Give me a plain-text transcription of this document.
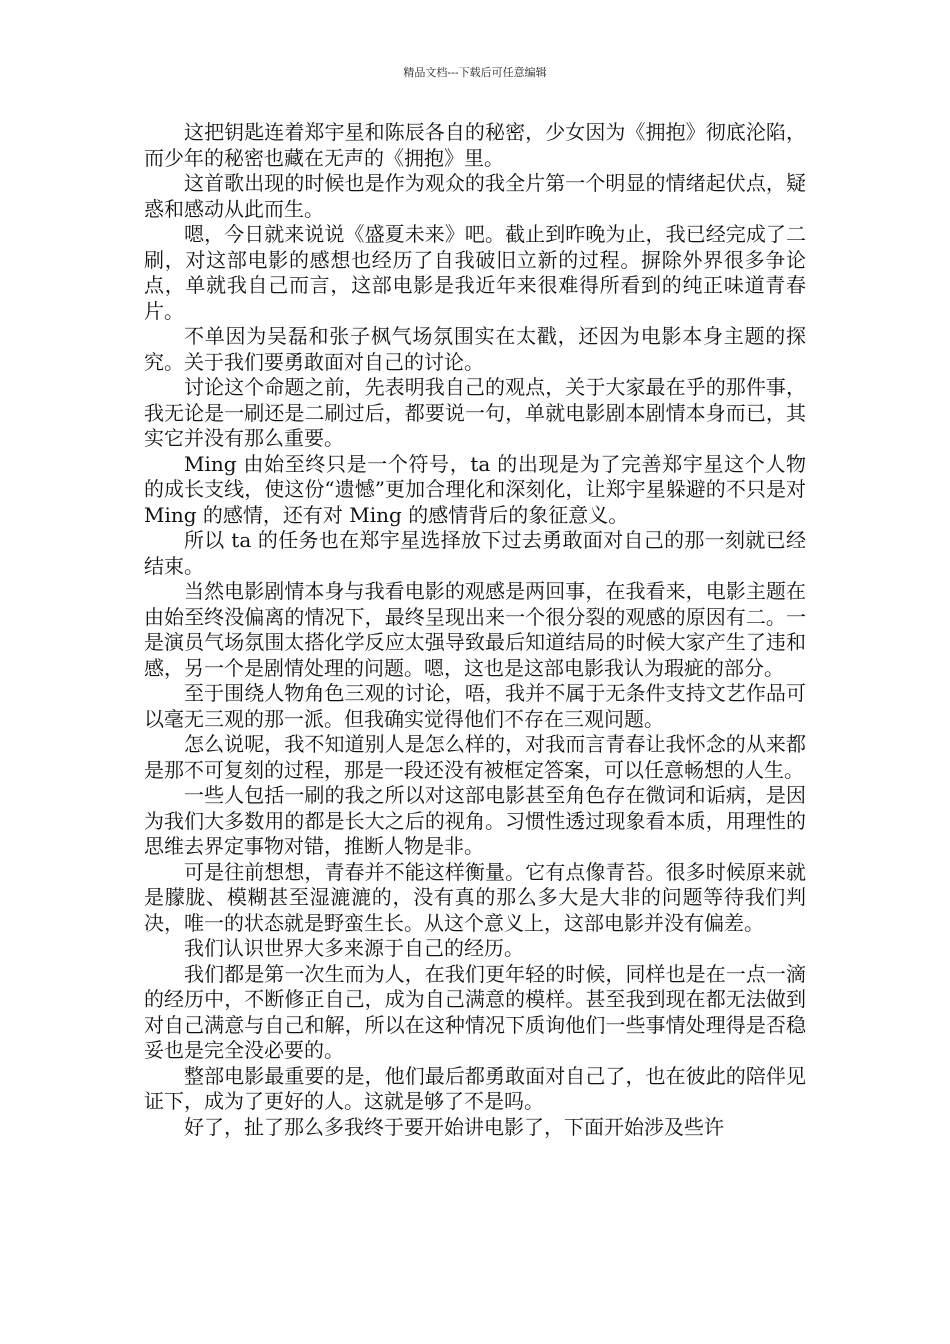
精品文档---下载后可任意编辑

这把钥匙连着郑宇星和陈辰各自的秘密，少女因为《拥抱》彻底沦陷，而少年的秘密也藏在无声的《拥抱》里。

这首歌出现的时候也是作为观众的我全片第一个明显的情绪起伏点，疑惑和感动从此而生。

嗯，今日就来说说《盛夏未来》吧。截止到昨晚为止，我已经完成了二刷，对这部电影的感想也经历了自我破旧立新的过程。摒除外界很多争论点，单就我自己而言，这部电影是我近年来很难得所看到的纯正味道青春片。

不单因为吴磊和张子枫气场氛围实在太戳，还因为电影本身主题的探究。关于我们要勇敢面对自己的讨论。

讨论这个命题之前，先表明我自己的观点，关于大家最在乎的那件事，我无论是一刷还是二刷过后，都要说一句，单就电影剧本剧情本身而已，其实它并没有那么重要。

Ming 由始至终只是一个符号，ta 的出现是为了完善郑宇星这个人物的成长支线，使这份“遗憾”更加合理化和深刻化，让郑宇星躲避的不只是对 Ming 的感情，还有对 Ming 的感情背后的象征意义。

所以 ta 的任务也在郑宇星选择放下过去勇敢面对自己的那一刻就已经结束。

当然电影剧情本身与我看电影的观感是两回事，在我看来，电影主题在由始至终没偏离的情况下，最终呈现出来一个很分裂的观感的原因有二。一是演员气场氛围太搭化学反应太强导致最后知道结局的时候大家产生了违和感，另一个是剧情处理的问题。嗯，这也是这部电影我认为瑕疵的部分。

至于围绕人物角色三观的讨论，唔，我并不属于无条件支持文艺作品可以毫无三观的那一派。但我确实觉得他们不存在三观问题。

怎么说呢，我不知道别人是怎么样的，对我而言青春让我怀念的从来都是那不可复刻的过程，那是一段还没有被框定答案，可以任意畅想的人生。

一些人包括一刷的我之所以对这部电影甚至角色存在微词和诟病，是因为我们大多数用的都是长大之后的视角。习惯性透过现象看本质，用理性的思维去界定事物对错，推断人物是非。

可是往前想想，青春并不能这样衡量。它有点像青苔。很多时候原来就是朦胧、模糊甚至湿漉漉的，没有真的那么多大是大非的问题等待我们判决，唯一的状态就是野蛮生长。从这个意义上，这部电影并没有偏差。

我们认识世界大多来源于自己的经历。

我们都是第一次生而为人，在我们更年轻的时候，同样也是在一点一滴的经历中，不断修正自己，成为自己满意的模样。甚至我到现在都无法做到对自己满意与自己和解，所以在这种情况下质询他们一些事情处理得是否稳妥也是完全没必要的。

整部电影最重要的是，他们最后都勇敢面对自己了，也在彼此的陪伴见证下，成为了更好的人。这就是够了不是吗。

好了，扯了那么多我终于要开始讲电影了，下面开始涉及些许
